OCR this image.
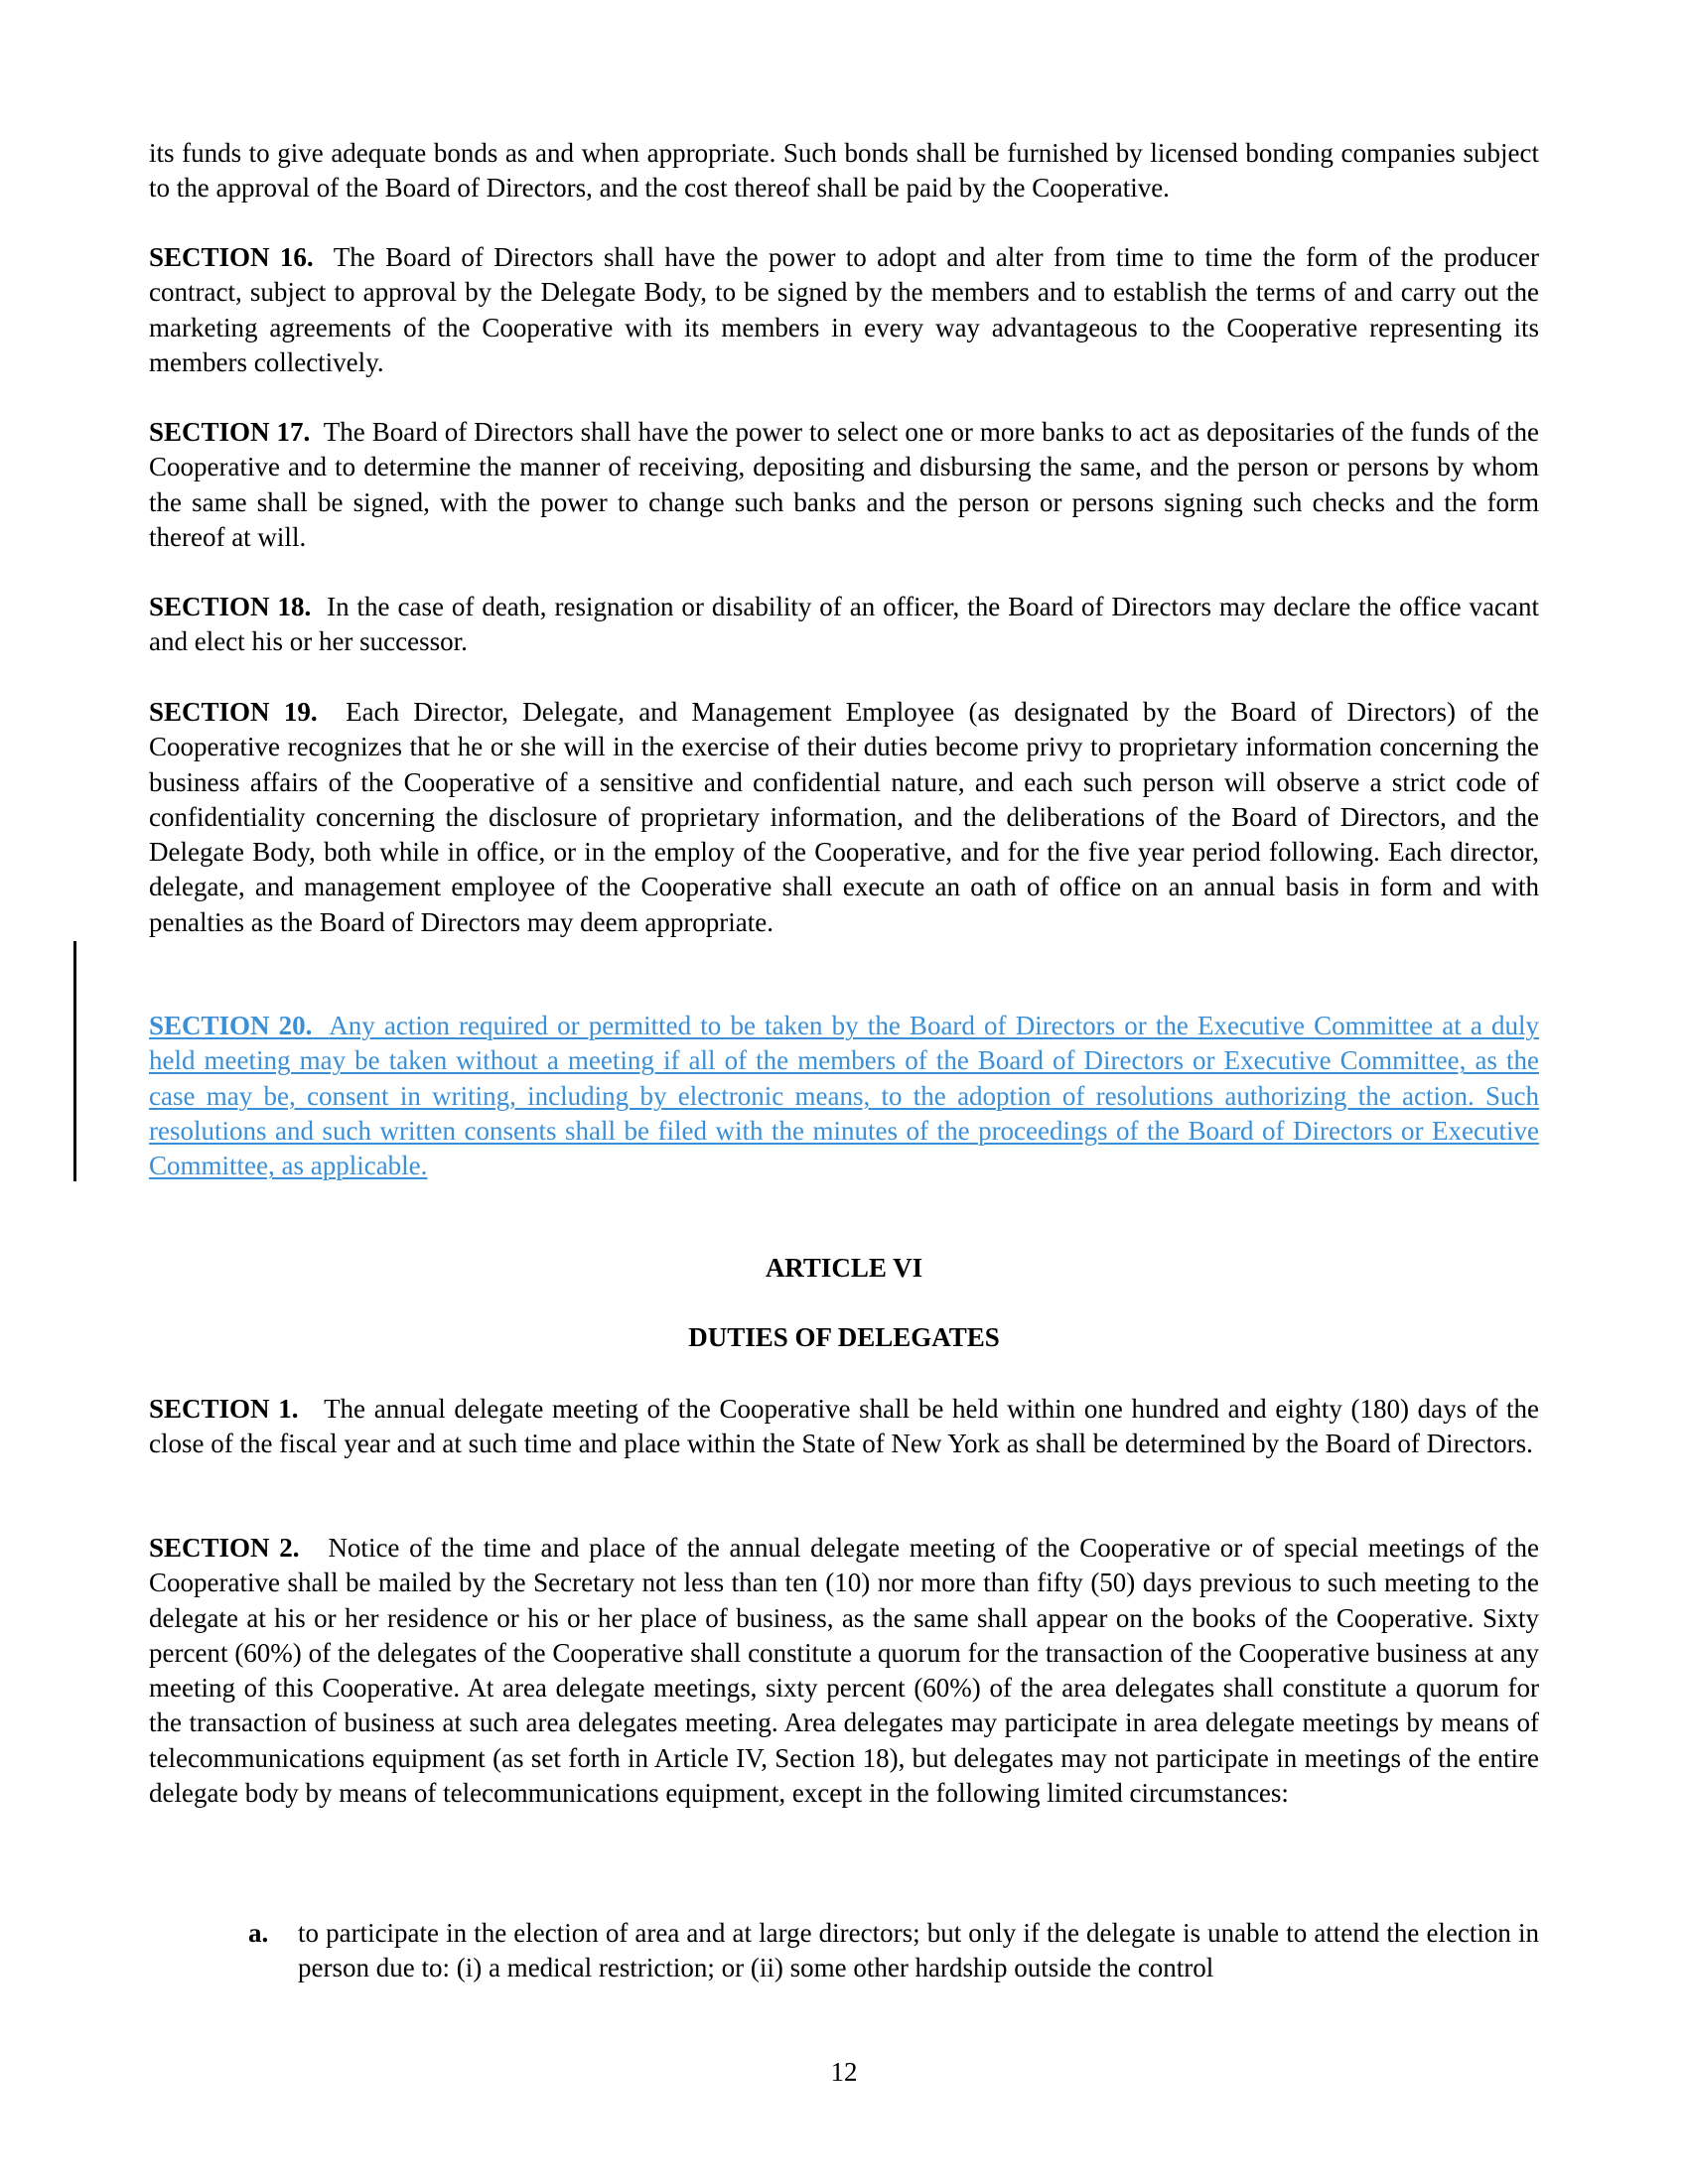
its funds to give adequate bonds as and when appropriate. Such bonds shall be furnished by licensed bonding companies subject to the approval of the Board of Directors, and the cost thereof shall be paid by the Cooperative.

SECTION 16. The Board of Directors shall have the power to adopt and alter from time to time the form of the producer contract, subject to approval by the Delegate Body, to be signed by the members and to establish the terms of and carry out the marketing agreements of the Cooperative with its members in every way advantageous to the Cooperative representing its members collectively.

SECTION 17. The Board of Directors shall have the power to select one or more banks to act as depositaries of the funds of the Cooperative and to determine the manner of receiving, depositing and disbursing the same, and the person or persons by whom the same shall be signed, with the power to change such banks and the person or persons signing such checks and the form thereof at will.

SECTION 18. In the case of death, resignation or disability of an officer, the Board of Directors may declare the office vacant and elect his or her successor.

SECTION 19. Each Director, Delegate, and Management Employee (as designated by the Board of Directors) of the Cooperative recognizes that he or she will in the exercise of their duties become privy to proprietary information concerning the business affairs of the Cooperative of a sensitive and confidential nature, and each such person will observe a strict code of confidentiality concerning the disclosure of proprietary information, and the deliberations of the Board of Directors, and the Delegate Body, both while in office, or in the employ of the Cooperative, and for the five year period following. Each director, delegate, and management employee of the Cooperative shall execute an oath of office on an annual basis in form and with penalties as the Board of Directors may deem appropriate.

SECTION 20. Any action required or permitted to be taken by the Board of Directors or the Executive Committee at a duly held meeting may be taken without a meeting if all of the members of the Board of Directors or Executive Committee, as the case may be, consent in writing, including by electronic means, to the adoption of resolutions authorizing the action. Such resolutions and such written consents shall be filed with the minutes of the proceedings of the Board of Directors or Executive Committee, as applicable.

ARTICLE VI

DUTIES OF DELEGATES

SECTION 1. The annual delegate meeting of the Cooperative shall be held within one hundred and eighty (180) days of the close of the fiscal year and at such time and place within the State of New York as shall be determined by the Board of Directors.

SECTION 2. Notice of the time and place of the annual delegate meeting of the Cooperative or of special meetings of the Cooperative shall be mailed by the Secretary not less than ten (10) nor more than fifty (50) days previous to such meeting to the delegate at his or her residence or his or her place of business, as the same shall appear on the books of the Cooperative. Sixty percent (60%) of the delegates of the Cooperative shall constitute a quorum for the transaction of the Cooperative business at any meeting of this Cooperative. At area delegate meetings, sixty percent (60%) of the area delegates shall constitute a quorum for the transaction of business at such area delegates meeting. Area delegates may participate in area delegate meetings by means of telecommunications equipment (as set forth in Article IV, Section 18), but delegates may not participate in meetings of the entire delegate body by means of telecommunications equipment, except in the following limited circumstances:

a. to participate in the election of area and at large directors; but only if the delegate is unable to attend the election in person due to: (i) a medical restriction; or (ii) some other hardship outside the control
12
